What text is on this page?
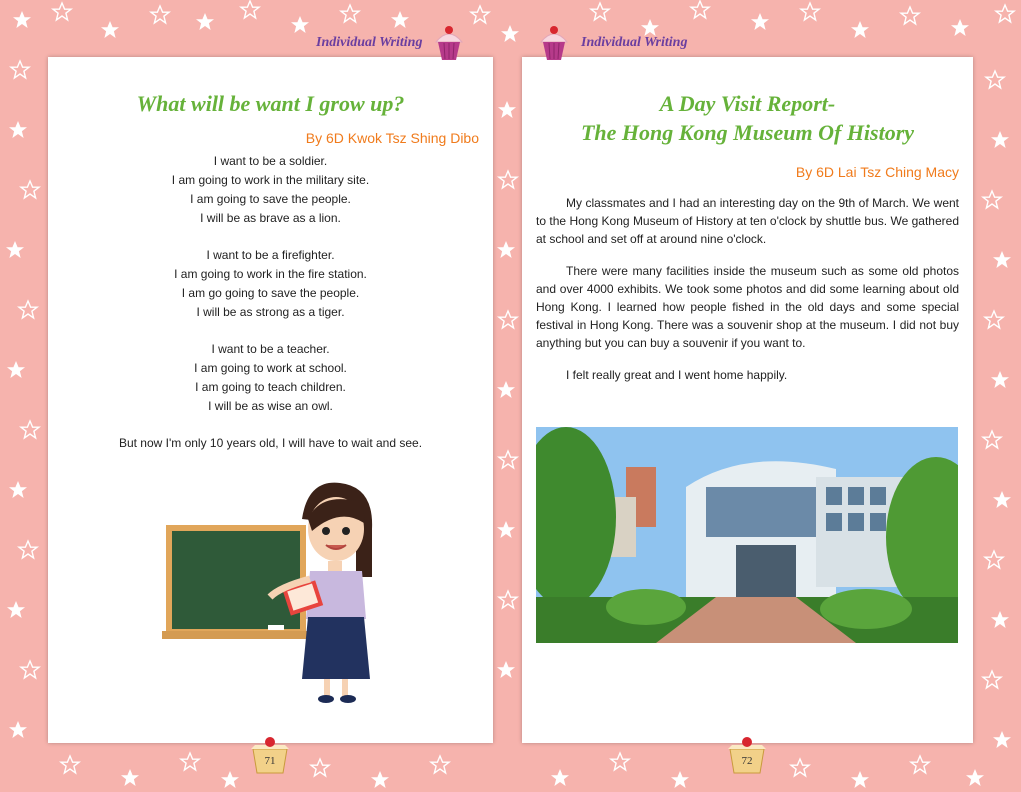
Individual Writing	Individual Writing
What will be want I grow up?
By 6D Kwok Tsz Shing Dibo
I want to be a soldier.
I am going to work in the military site.
I am going to save the people.
I will be as brave as a lion.
I want to be a firefighter.
I am going to work in the fire station.
I am go going to save the people.
I will be as strong as a tiger.
I want to be a teacher.
I am going to work at school.
I am going to teach children.
I will be as wise an owl.
But now I'm only 10 years old, I will have to wait and see.
A Day Visit Report-
The Hong Kong Museum Of History
By 6D Lai Tsz Ching Macy

My classmates and I had an interesting day on the 9th of March. We went to the Hong Kong Museum of History at ten o'clock by shuttle bus. We gathered at school and set off at around nine o'clock.

There were many facilities inside the museum such as some old photos and over 4000 exhibits. We took some photos and did some learning about old Hong Kong. I learned how people fished in the old days and some special festival in Hong Kong. There was a souvenir shop at the museum. I did not buy anything but you can buy a souvenir if you want to.

I felt really great and I went home happily.

71	72
